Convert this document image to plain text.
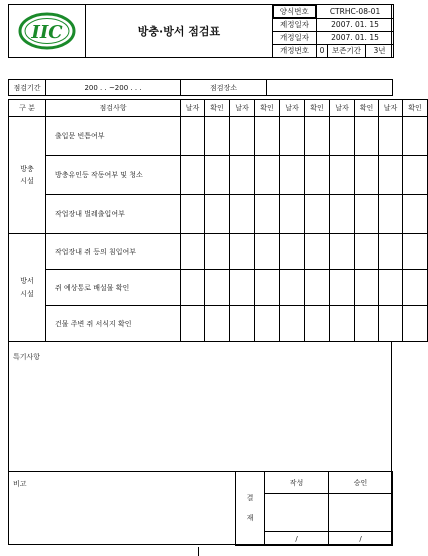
IIC	방충·방서 점검표
양식번호	CTRHC-08-01		
제정일자	2007. 01. 15		
개정일자	2007. 01. 15		
개정번호	0	보존기간	3년
점검기간	200 . . ~200 . . .	점검장소	
구 분	점검사항	날자	확인	날자	확인	날자	확인	날자	확인	날자	확인

방충
시설	출입문 빈틈여부										
	방충유인등 작동여부 및 청소										
	작업장내 벌레출입여부										

방서
시설	작업장내 쥐 등의 침입여부										
	쥐 예상통로 배설물 확인										
	건물 주변 쥐 서식지 확인										
특기사항
비고
결
재	작성	승인

	/	/
